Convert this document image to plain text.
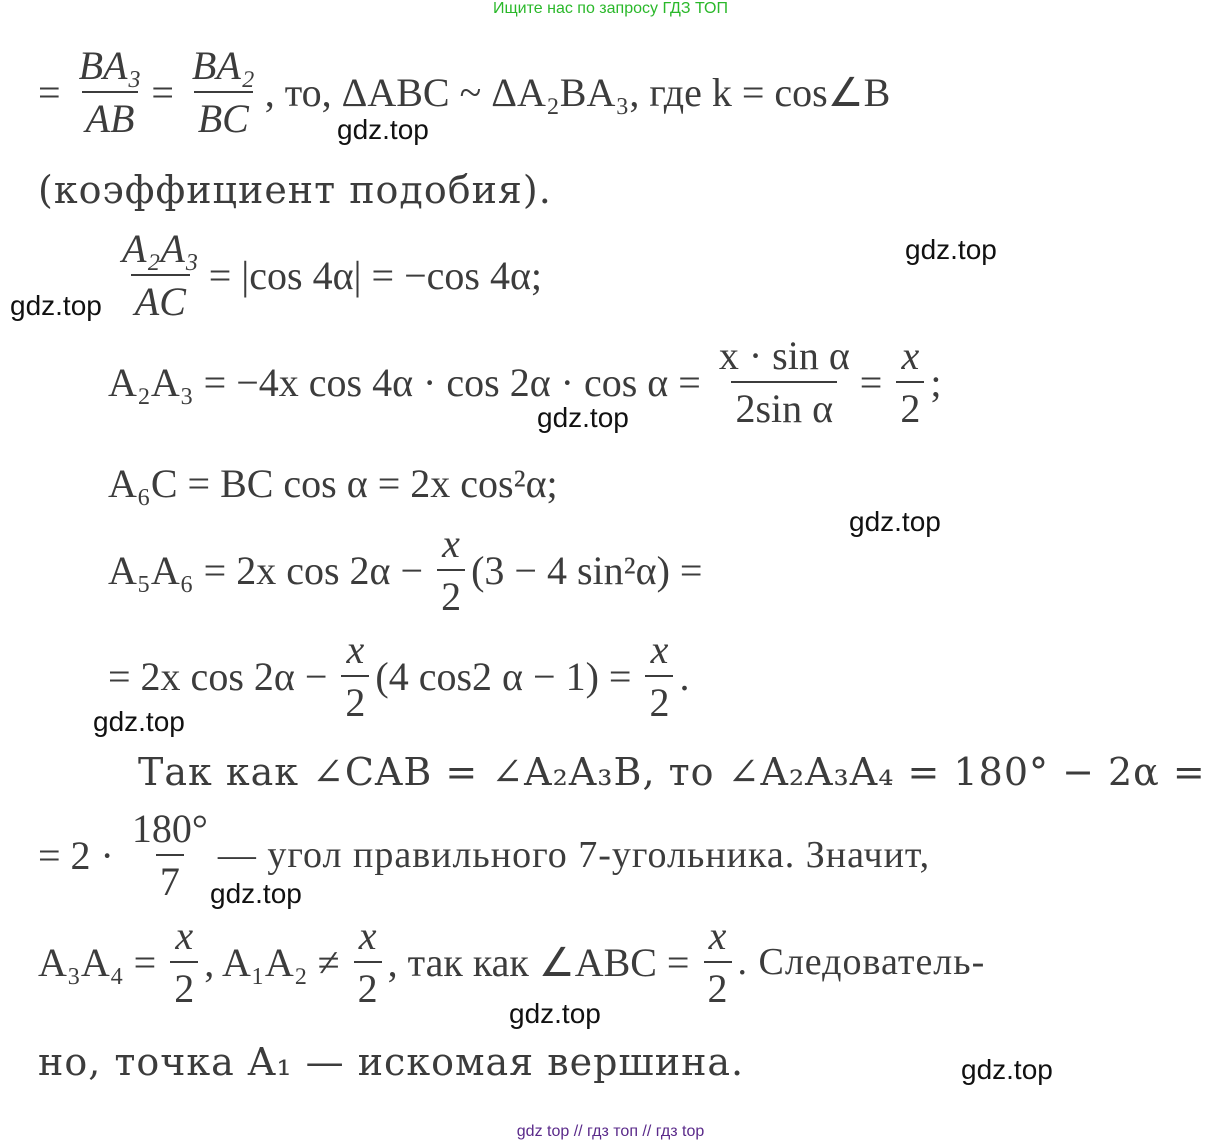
Ищите нас по запросу ГДЗ ТОП
= $\frac{\text{BA₃}}{AB} = \frac{\text{BA₂}}{BC}$ , то, ΔABC ~ ΔA₂BA₃, где k = cos∠B
(коэффициент подобия).
$\frac{\text{A₂A₃}}{AC} = |\cos$ 4α| = −cos 4α;
A₂A₃ = −4x $\cos 4\alpha \cdot \cos 2\alpha \cdot \cos \alpha = \frac{\text{x · sin α}}{\text{2sin α}} = \frac{x}{2}$ ;
A₆C = BC cos α = 2x cos²α;
A₅A₆ = 2x $\cos 2\alpha - \frac{x}{2} (3 - 4$ sin²α) =
= 2x $\cos 2\alpha - \frac{x}{2} (4$ cos2 $\alpha - 1) = \frac{x}{2}$ .
Так как ∠CAB = ∠A₂A₃B, то ∠A₂A₃A₄ = 180° − 2α =
= $2 \cdot \frac{180^\circ}{7}$ — угол правильного 7-угольника. Значит,
$A_3A_4 = \frac{x}{2}$ , $A_1A_2 \ne \frac{x}{2}$ , так как ∠ABC = $\frac{x}{2}$ . Следователь-
но, точка A₁ — искомая вершина.
gdz.top
gdz.top
gdz.top
gdz.top
gdz.top
gdz.top
gdz.top
gdz.top
gdz.top
gdz top // гдз топ // гдз top
